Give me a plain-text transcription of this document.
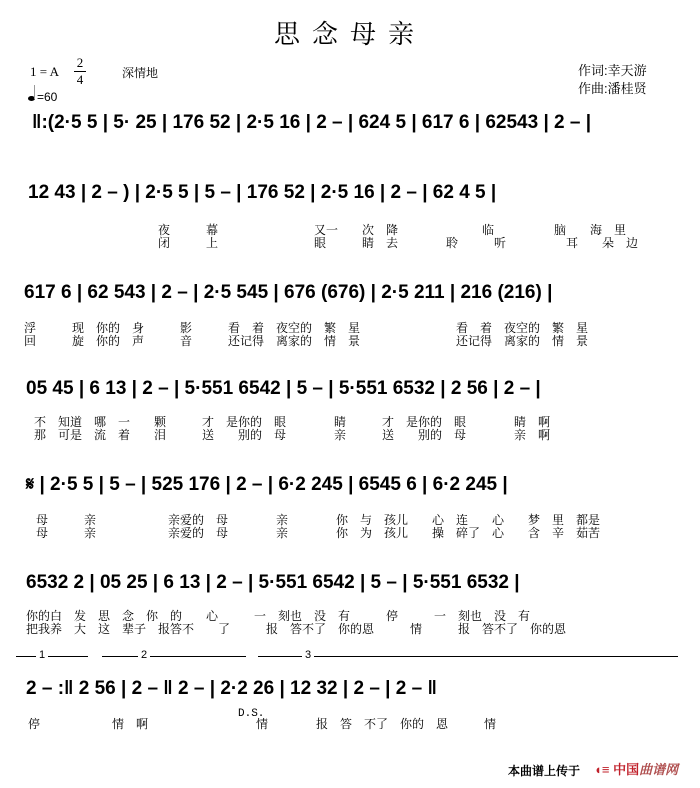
思念母亲
1 = A
2
4
=60
深情地	作词:幸天游
作曲:潘桂贤
‖:(2·5 5 | 5· 25 | 176 52 | 2·5 16 | 2 – | 624 5 | 617 6 | 62543 | 2 – |
12 43 | 2 – ) | 2·5 5 | 5 – | 176 52 | 2·5 16 | 2 – | 62 4 5 |
夜　　　幕　　　　　　　　又一　　次　降　　　　　　　临　　　　　脑　　海　里
闭　　　上　　　　　　　　眼　　　睛　去　　　　聆　　　听　　　　　耳　　朵　边
617 6 | 62 543 | 2 – | 2·5 545 | 676 (676) | 2·5 211 | 216 (216) |
浮　　　现　你的　身　　　影　　　看　着　夜空的　繁　星　　　　　　　　看　着　夜空的　繁　星
回　　　旋　你的　声　　　音　　　还记得　离家的　情　景　　　　　　　　还记得　离家的　情　景
05 45 | 6 13 | 2 – | 5·551 6542 | 5 – | 5·551 6532 | 2 56 | 2 – |
不　知道　哪　一　　颗　　　才　是你的　眼　　　　睛　　　才　是你的　眼　　　　睛　啊
那　可是　流　着　　泪　　　送　　别的　母　　　　亲　　　送　　别的　母　　　　亲　啊
𝄋 | 2·5 5 | 5 – | 525 176 | 2 – | 6·2 245 | 6545 6 | 6·2 245 |
母　　　亲　　　　　　亲爱的　母　　　　亲　　　　你　与　孩儿　　心　连　　心　　梦　里　都是
母　　　亲　　　　　　亲爱的　母　　　　亲　　　　你　为　孩儿　　操　碎了　心　　含　辛　茹苦
6532 2 | 05 25 | 6 13 | 2 – | 5·551 6542 | 5 – | 5·551 6532 |
你的白　发　思　念　你　的　　心　　　一　刻也　没　有　　　停　　　一　刻也　没　有
把我养　大　这　辈子　报答不　　了　　　报　答不了　你的恩　　　情　　　报　答不了　你的恩
1	2	3
2 – :‖ 2 56 | 2 – ‖ 2 – | 2·2 26 | 12 32 | 2 – | 2 – ‖
停　　　　　　情　啊　　　　　　　　　情　　　　报　答　不了　你的　恩　　　情
D.S.
本曲谱上传于 ◖≡ 中国曲谱网
